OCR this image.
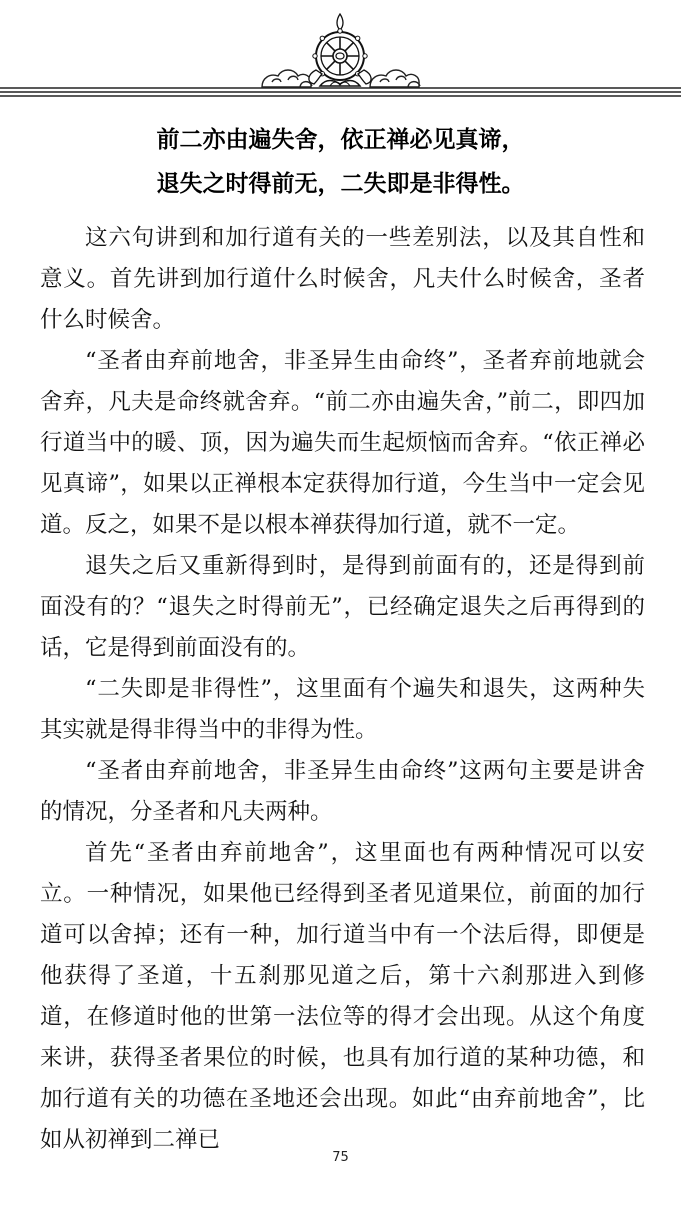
前二亦由遍失舍，依正禅必见真谛，
退失之时得前无，二失即是非得性。

这六句讲到和加行道有关的一些差别法，以及其自性和意义。首先讲到加行道什么时候舍，凡夫什么时候舍，圣者什么时候舍。

“圣者由弃前地舍，非圣异生由命终”，圣者弃前地就会舍弃，凡夫是命终就舍弃。“前二亦由遍失舍，”前二，即四加行道当中的暖、顶，因为遍失而生起烦恼而舍弃。“依正禅必见真谛”，如果以正禅根本定获得加行道，今生当中一定会见道。反之，如果不是以根本禅获得加行道，就不一定。

退失之后又重新得到时，是得到前面有的，还是得到前面没有的？“退失之时得前无”，已经确定退失之后再得到的话，它是得到前面没有的。

“二失即是非得性”，这里面有个遍失和退失，这两种失其实就是得非得当中的非得为性。

“圣者由弃前地舍，非圣异生由命终”这两句主要是讲舍的情况，分圣者和凡夫两种。

首先“圣者由弃前地舍”，这里面也有两种情况可以安立。一种情况，如果他已经得到圣者见道果位，前面的加行道可以舍掉；还有一种，加行道当中有一个法后得，即便是他获得了圣道，十五刹那见道之后，第十六刹那进入到修道，在修道时他的世第一法位等的得才会出现。从这个角度来讲，获得圣者果位的时候，也具有加行道的某种功德，和加行道有关的功德在圣地还会出现。如此“由弃前地舍”，比如从初禅到二禅已

75
